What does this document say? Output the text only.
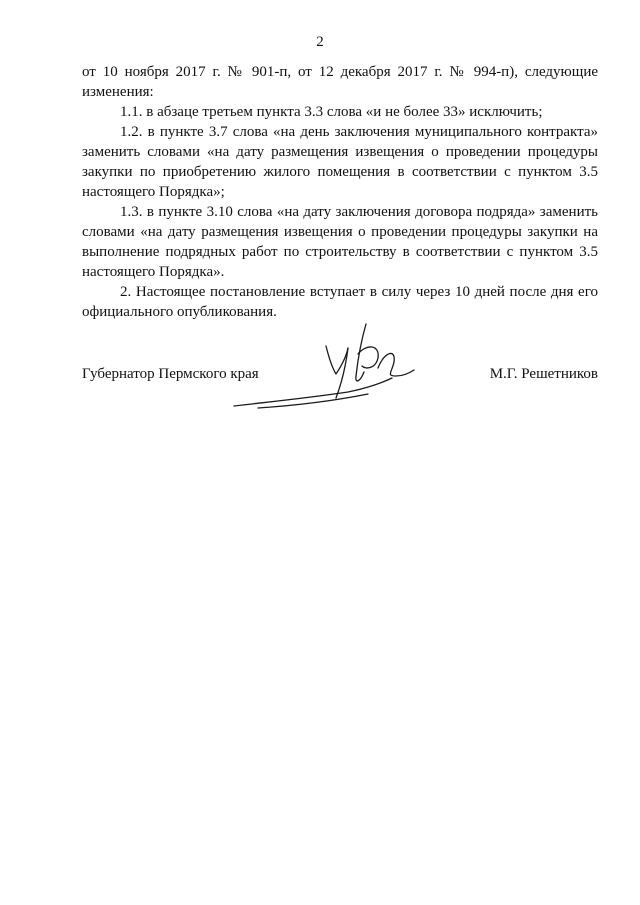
2

от 10 ноября 2017 г. № 901-п, от 12 декабря 2017 г. № 994-п), следующие изменения:

1.1. в абзаце третьем пункта 3.3 слова «и не более 33» исключить;

1.2. в пункте 3.7 слова «на день заключения муниципального контракта» заменить словами «на дату размещения извещения о проведении процедуры закупки по приобретению жилого помещения в соответствии с пунктом 3.5 настоящего Порядка»;

1.3. в пункте 3.10 слова «на дату заключения договора подряда» заменить словами «на дату размещения извещения о проведении процедуры закупки на выполнение подрядных работ по строительству в соответствии с пунктом 3.5 настоящего Порядка».

2. Настоящее постановление вступает в силу через 10 дней после дня его официального опубликования.

Губернатор Пермского края	М.Г. Решетников
